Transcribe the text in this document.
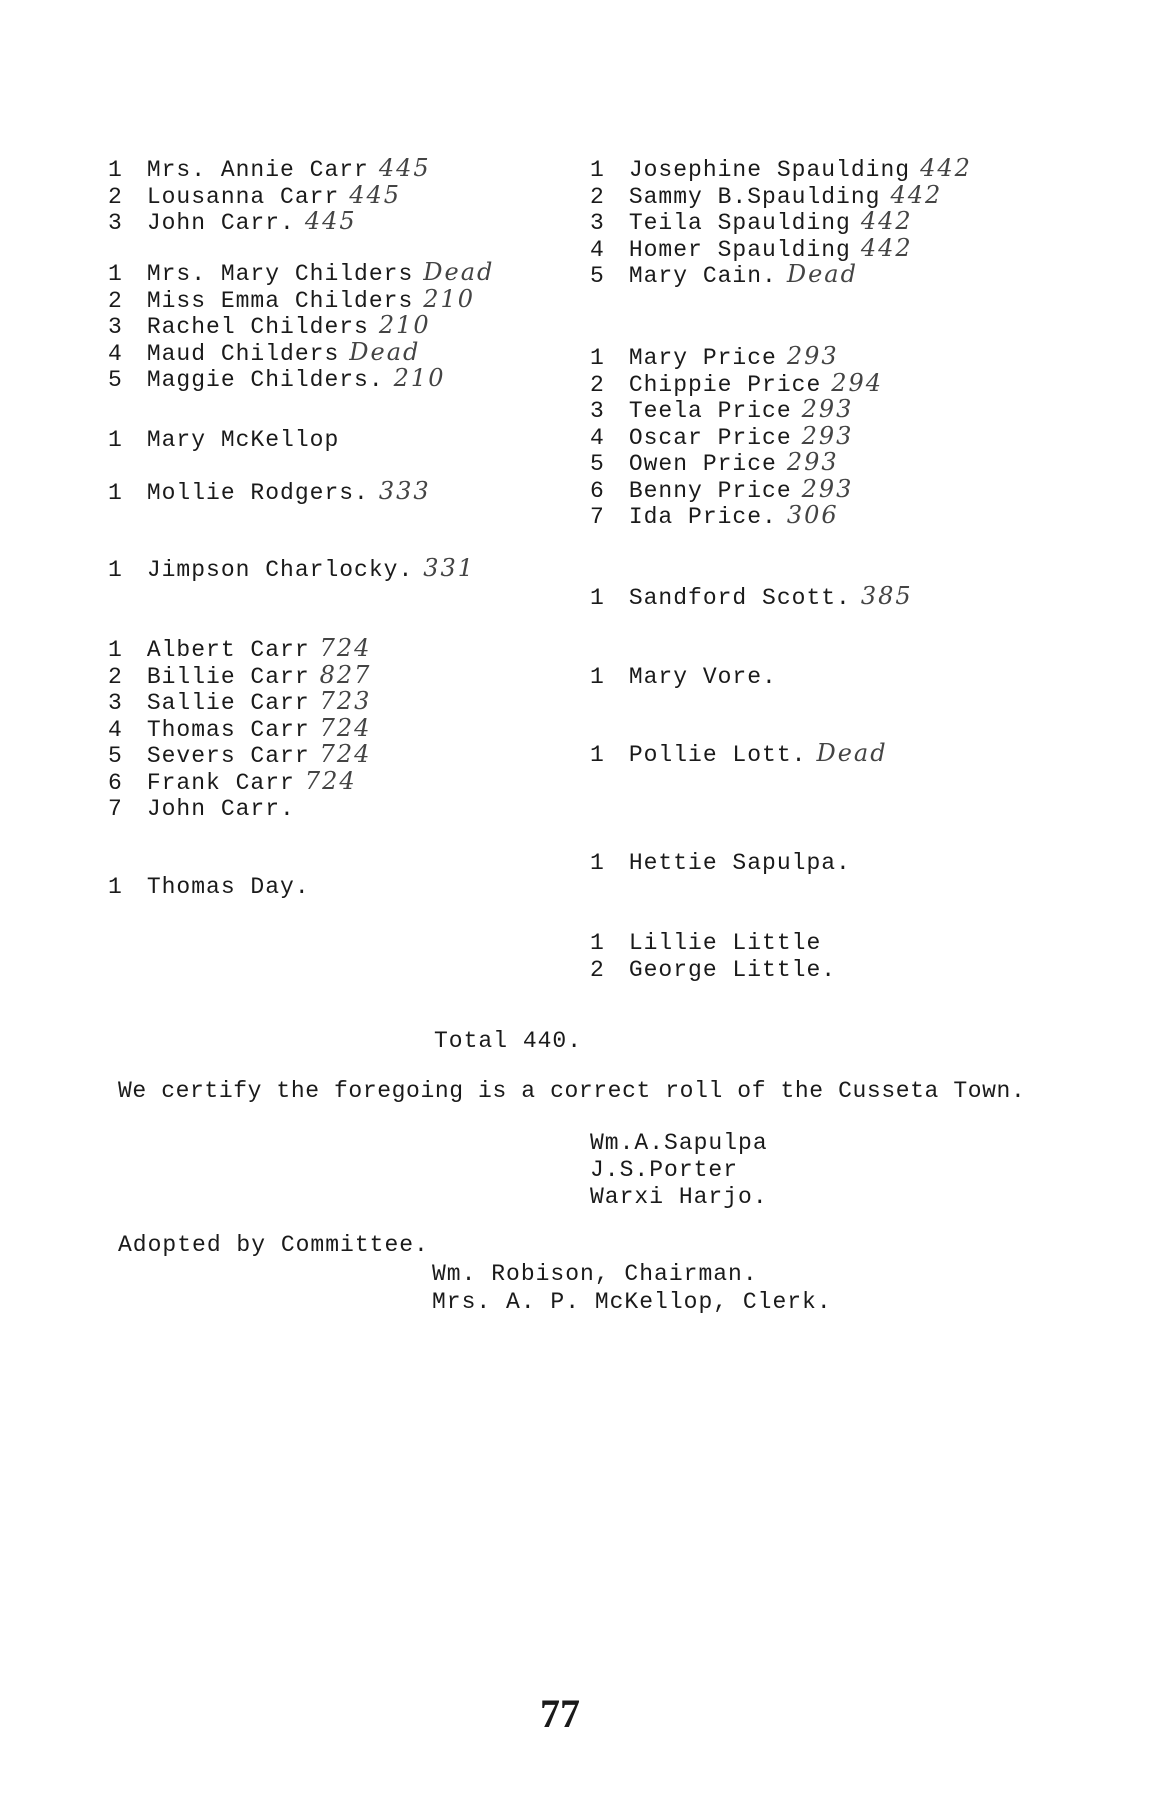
1 Mrs. Annie Carr 445
2 Lousanna Carr 445
3 John Carr. 445
1 Mrs. Mary Childers Dead
2 Miss Emma Childers 210
3 Rachel Childers 210
4 Maud Childers Dead
5 Maggie Childers. 210
1 Mary McKellop
1 Mollie Rodgers. 333
1 Jimpson Charlocky. 331
1 Albert Carr 724
2 Billie Carr 827
3 Sallie Carr 723
4 Thomas Carr 724
5 Severs Carr 724
6 Frank Carr 724
7 John Carr.
1 Thomas Day.
1 Josephine Spaulding 442
2 Sammy B.Spaulding 442
3 Teila Spaulding 442
4 Homer Spaulding 442
5 Mary Cain. Dead
1 Mary Price 293
2 Chippie Price 294
3 Teela Price 293
4 Oscar Price 293
5 Owen Price 293
6 Benny Price 293
7 Ida Price. 306
1 Sandford Scott. 385
1 Mary Vore.
1 Pollie Lott. Dead
1 Hettie Sapulpa.
1 Lillie Little
2 George Little.
Total 440.
We certify the foregoing is a correct roll of the Cusseta Town.
Wm.A.Sapulpa
J.S.Porter
Warxi Harjo.
Adopted by Committee.
Wm. Robison, Chairman.
Mrs. A. P. McKellop, Clerk.
77
